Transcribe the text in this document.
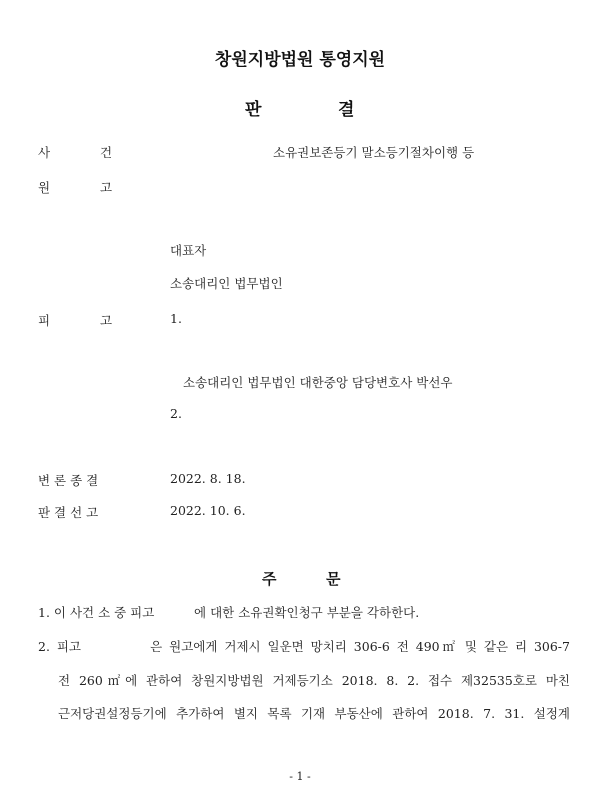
창원지방법원 통영지원
판	결
사	건	소유권보존등기 말소등기절차이행 등
원	고
대표자
소송대리인 법무법인
피	고	1.
소송대리인 법무법인 대한중앙 담당변호사 박선우
2.
변 론 종 결	2022. 8. 18.
판 결 선 고	2022. 10. 6.
주	문
1. 이 사건 소 중 피고          에 대한 소유권확인청구 부분을 각하한다.
2. 피고          은 원고에게 거제시 일운면 망치리 306-6 전 490㎡ 및 같은 리 306-7
전 260㎡에 관하여 창원지방법원 거제등기소 2018. 8. 2. 접수 제32535호로 마친
근저당권설정등기에 추가하여 별지 목록 기재 부동산에 관하여 2018. 7. 31. 설정계
- 1 -
